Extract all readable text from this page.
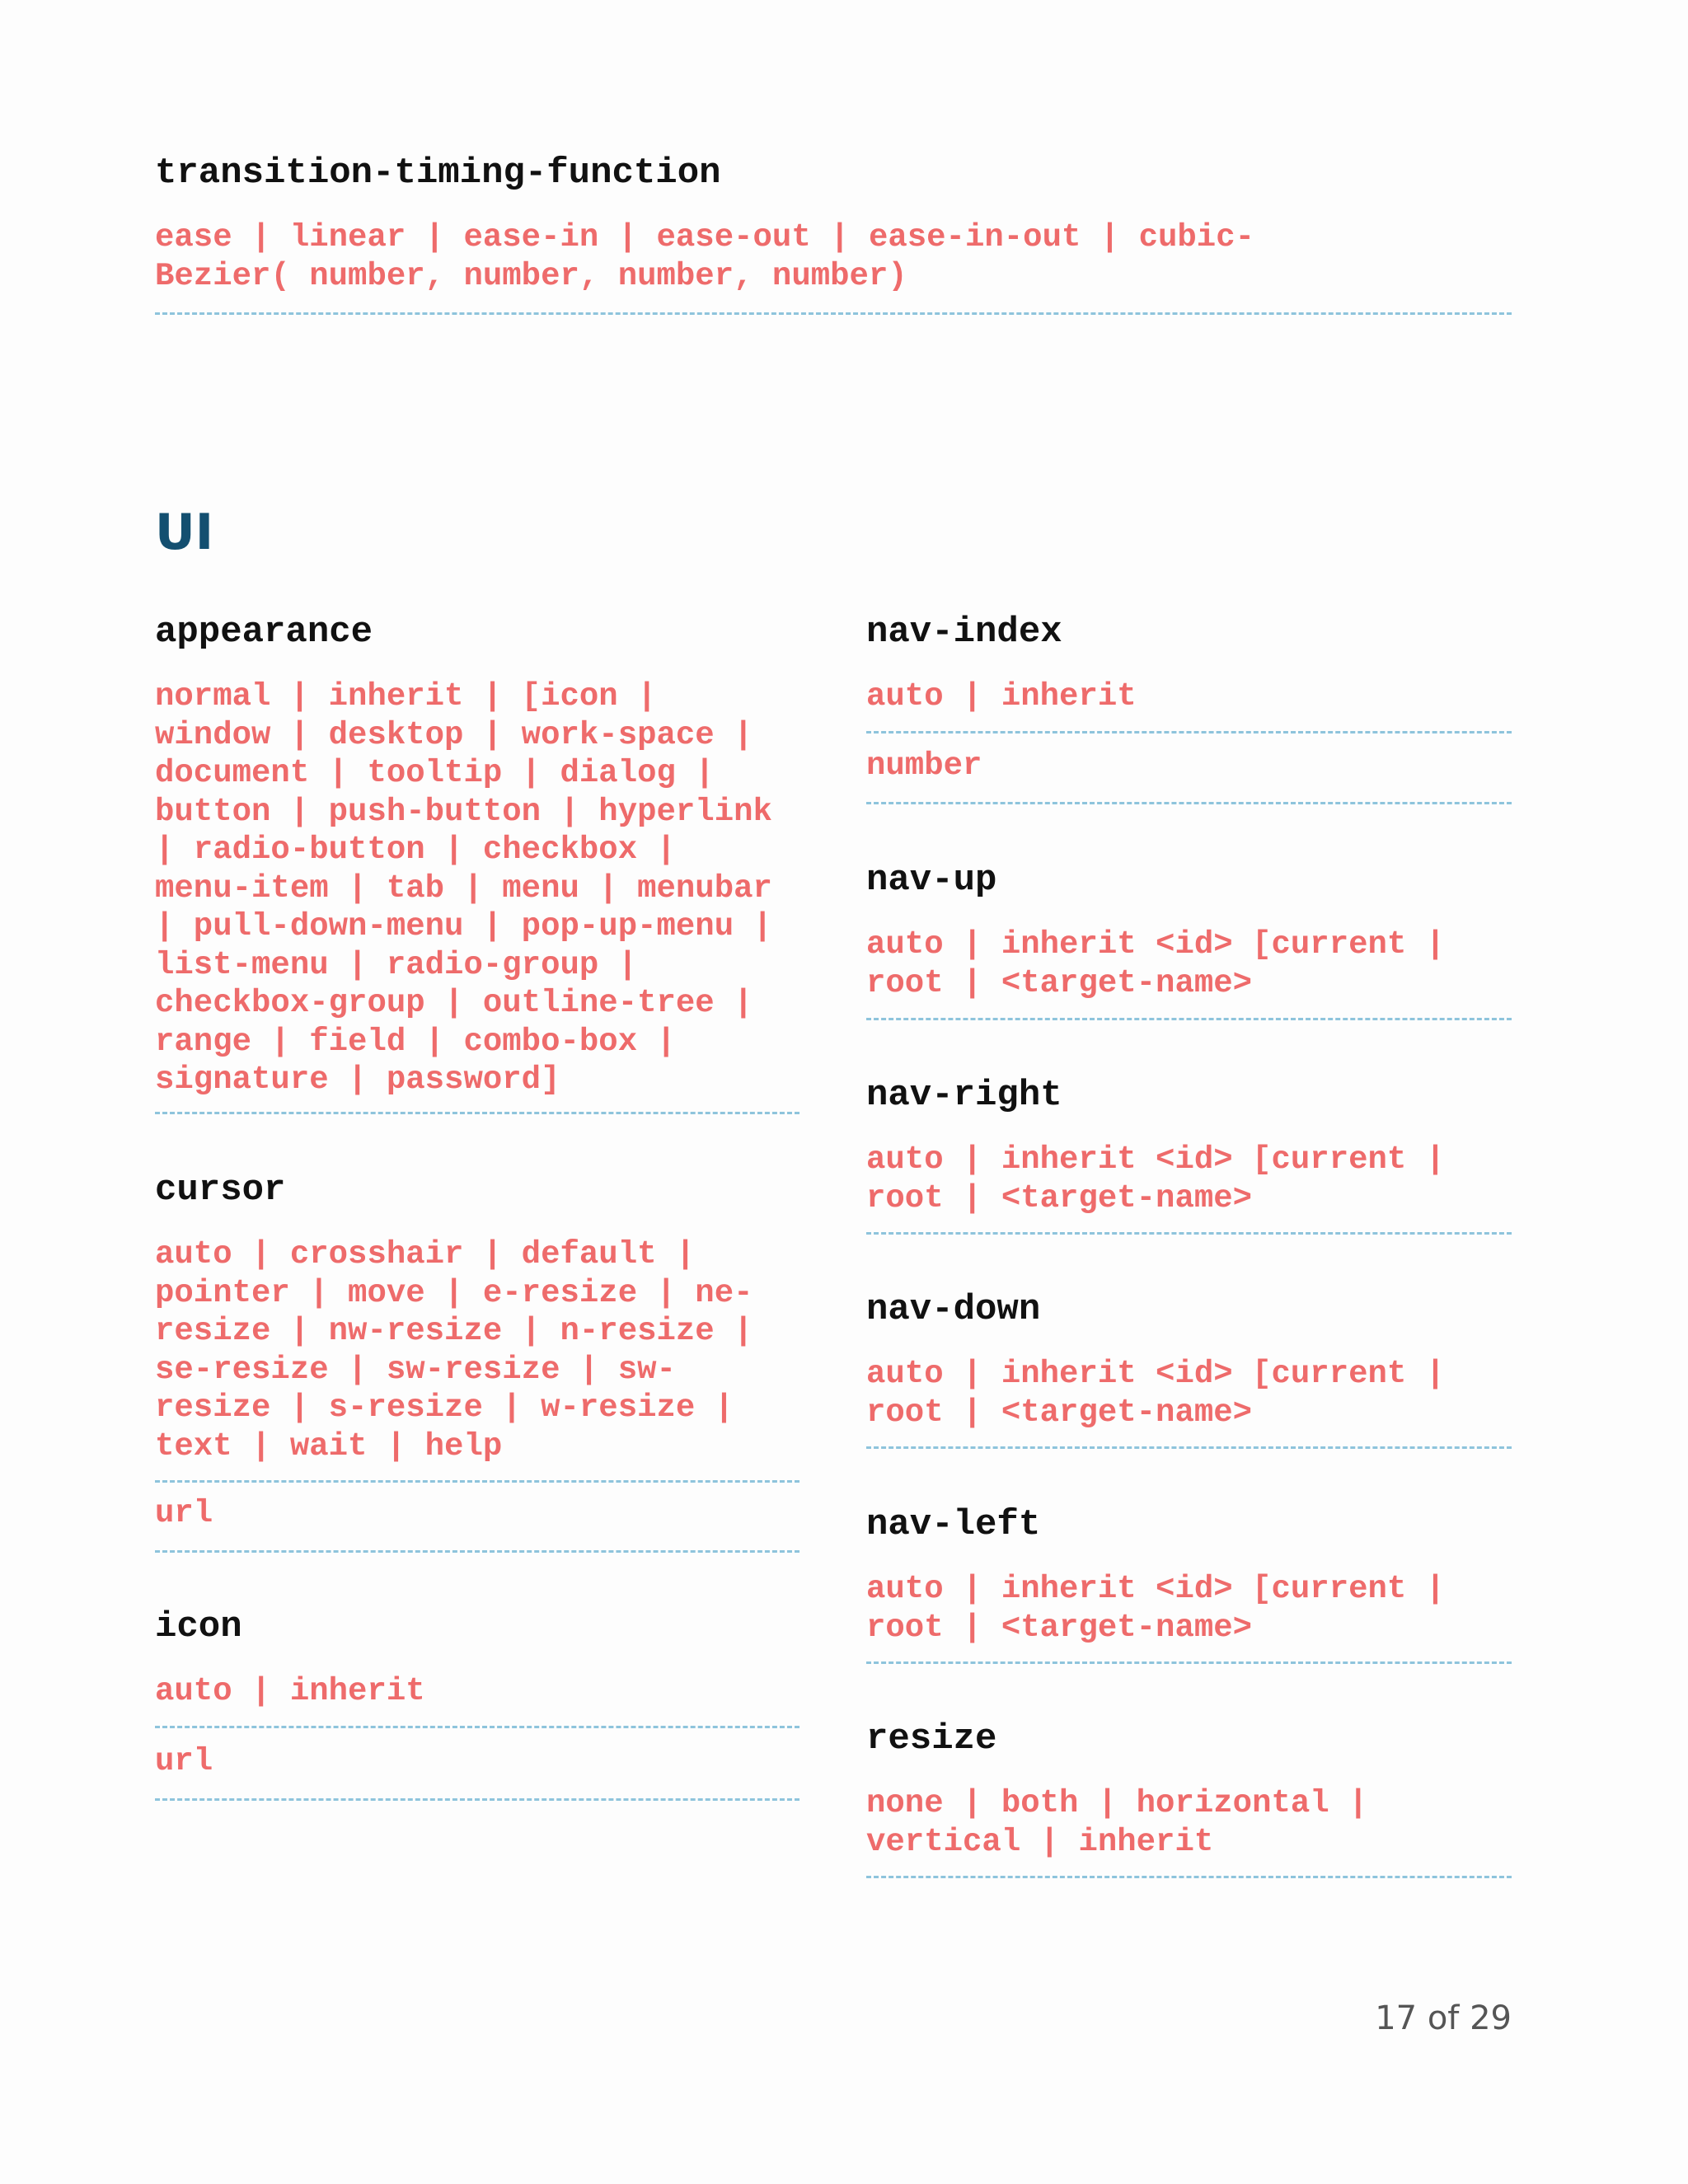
transition-timing-function

ease | linear | ease-in | ease-out | ease-in-out | cubic-
Bezier( number, number, number, number)

UI
appearance

normal | inherit | [icon |
window | desktop | work-space |
document | tooltip | dialog |
button | push-button | hyperlink
| radio-button | checkbox |
menu-item | tab | menu | menubar
| pull-down-menu | pop-up-menu |
list-menu | radio-group |
checkbox-group | outline-tree |
range | field | combo-box |
signature | password]

cursor

auto | crosshair | default |
pointer | move | e-resize | ne-
resize | nw-resize | n-resize |
se-resize | sw-resize | sw-
resize | s-resize | w-resize |
text | wait | help

url

icon

auto | inherit

url

nav-index

auto | inherit

number

nav-up

auto | inherit <id> [current |
root | <target-name>

nav-right

auto | inherit <id> [current |
root | <target-name>

nav-down

auto | inherit <id> [current |
root | <target-name>

nav-left

auto | inherit <id> [current |
root | <target-name>

resize

none | both | horizontal |
vertical | inherit

17 of 29
